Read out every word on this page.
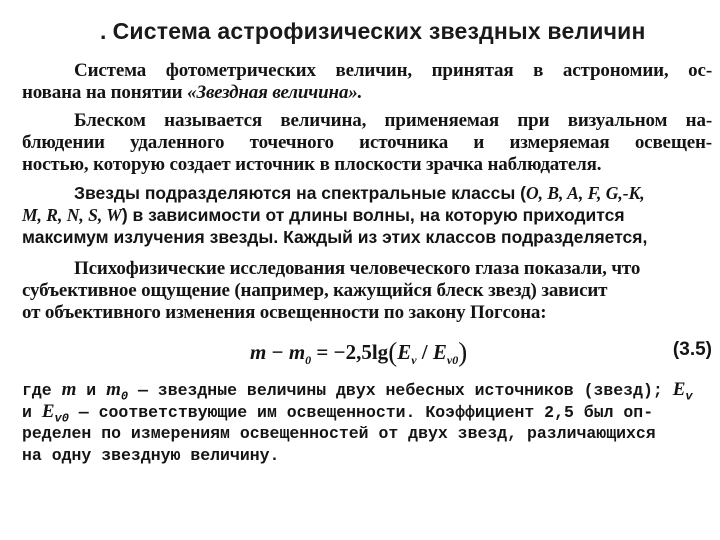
. Система астрофизических звездных величин
Система фотометрических величин, принятая в астрономии, ос-
нована на понятии «Звездная величина».
Блеском называется величина, применяемая при визуальном на-
блюдении удаленного точечного источника и измеряемая освещен-
ностью, которую создает источник в плоскости зрачка наблюдателя.
Звезды подразделяются на спектральные классы (O, B, A, F, G,-K,
M, R, N, S, W) в зависимости от длины волны, на которую приходится
максимум излучения звезды. Каждый из этих классов подразделяется,
Психофизические исследования человеческого глаза показали, что
субъективное ощущение (например, кажущийся блеск звезд) зависит
от объективного изменения освещенности по закону Погсона:
$m - m_0 = -2,5\lg(E_v / E_{v0})$	(3.5)
где m и $m_0$ — звездные величины двух небесных источников (звезд); $E_v$
и $E_{v0}$ — соответствующие им освещенности. Коэффициент 2,5 был оп-
ределен по измерениям освещенностей от двух звезд, различающихся
на одну звездную величину.
